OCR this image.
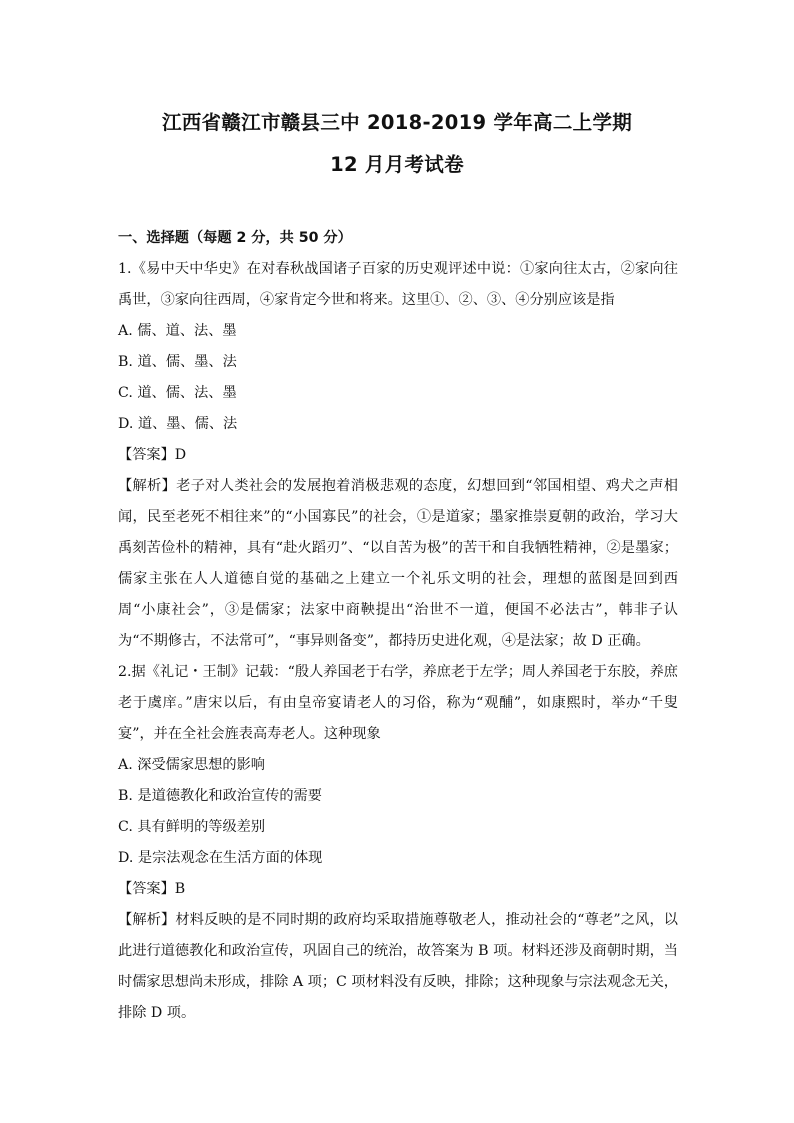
江西省赣江市赣县三中 2018-2019 学年高二上学期
12 月月考试卷

一、选择题（每题 2 分，共 50 分）

1.《易中天中华史》在对春秋战国诸子百家的历史观评述中说：①家向往太古，②家向往禹世，③家向往西周，④家肯定今世和将来。这里①、②、③、④分别应该是指

A. 儒、道、法、墨

B. 道、儒、墨、法

C. 道、儒、法、墨

D. 道、墨、儒、法

【答案】D

【解析】老子对人类社会的发展抱着消极悲观的态度，幻想回到“邻国相望、鸡犬之声相闻，民至老死不相往来”的“小国寡民”的社会，①是道家；墨家推崇夏朝的政治，学习大禹刻苦俭朴的精神，具有“赴火蹈刃”、“以自苦为极”的苦干和自我牺牲精神，②是墨家；儒家主张在人人道德自觉的基础之上建立一个礼乐文明的社会，理想的蓝图是回到西周“小康社会”，③是儒家；法家中商鞅提出“治世不一道，便国不必法古”，韩非子认为“不期修古，不法常可”，“事异则备变”，都持历史进化观，④是法家；故 D 正确。

2.据《礼记・王制》记载：“殷人养国老于右学，养庶老于左学；周人养国老于东胶，养庶老于虞庠。”唐宋以后，有由皇帝宴请老人的习俗，称为“观酺”，如康熙时，举办“千叟宴”，并在全社会旌表高寿老人。这种现象

A. 深受儒家思想的影响

B. 是道德教化和政治宣传的需要

C. 具有鲜明的等级差别

D. 是宗法观念在生活方面的体现

【答案】B

【解析】材料反映的是不同时期的政府均采取措施尊敬老人，推动社会的“尊老”之风，以此进行道德教化和政治宣传，巩固自己的统治，故答案为 B 项。材料还涉及商朝时期，当时儒家思想尚未形成，排除 A 项；C 项材料没有反映，排除；这种现象与宗法观念无关，排除 D 项。
